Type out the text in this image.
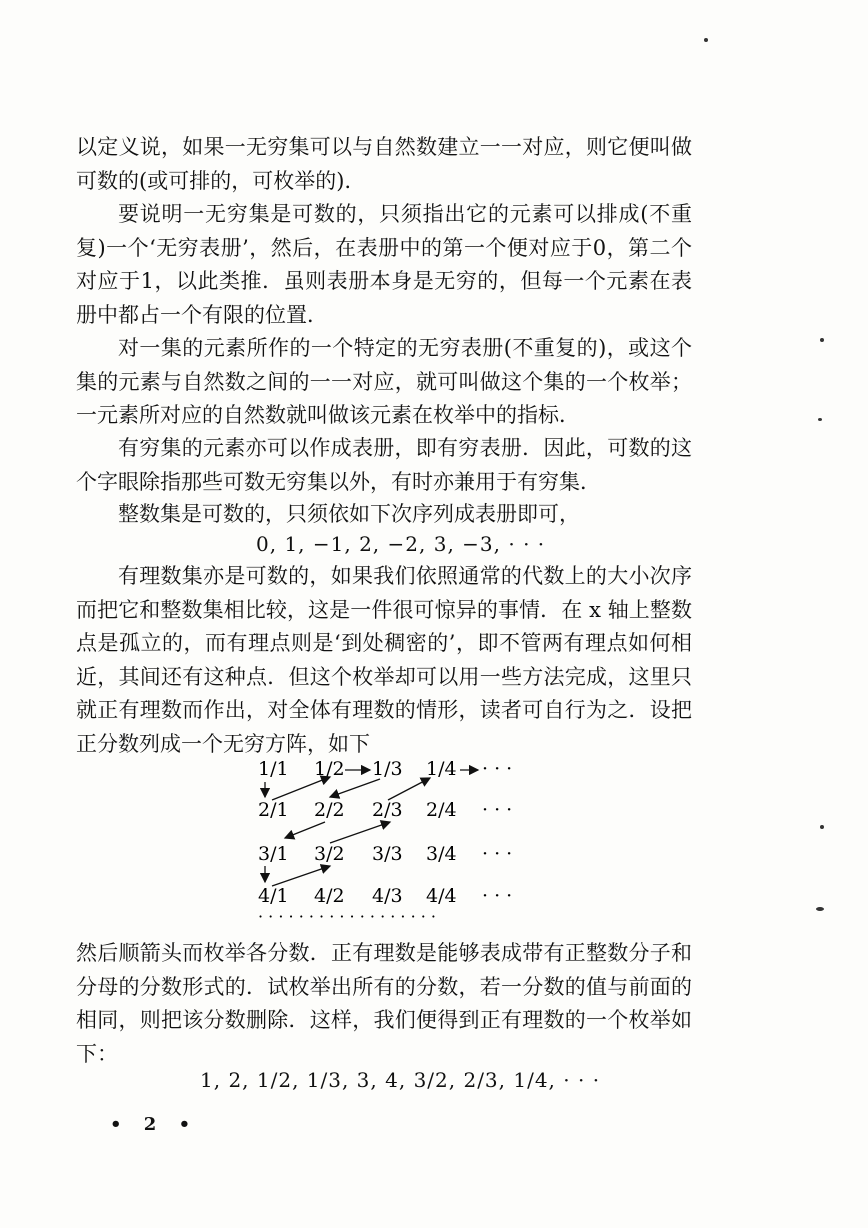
以定义说，如果一无穷集可以与自然数建立一一对应，则它便叫做可数的(或可排的，可枚举的).

要说明一无穷集是可数的，只须指出它的元素可以排成(不重复)一个‘无穷表册’，然后，在表册中的第一个便对应于0，第二个对应于1，以此类推．虽则表册本身是无穷的，但每一个元素在表册中都占一个有限的位置．

对一集的元素所作的一个特定的无穷表册(不重复的)，或这个集的元素与自然数之间的一一对应，就可叫做这个集的一个枚举；一元素所对应的自然数就叫做该元素在枚举中的指标．

有穷集的元素亦可以作成表册，即有穷表册．因此，可数的这个字眼除指那些可数无穷集以外，有时亦兼用于有穷集．

整数集是可数的，只须依如下次序列成表册即可，

0, 1, −1, 2, −2, 3, −3, · · ·

有理数集亦是可数的，如果我们依照通常的代数上的大小次序而把它和整数集相比较，这是一件很可惊异的事情．在 x 轴上整数点是孤立的，而有理点则是‘到处稠密的’，即不管两有理点如何相近，其间还有这种点．但这个枚举却可以用一些方法完成，这里只就正有理数而作出，对全体有理数的情形，读者可自行为之．设把正分数列成一个无穷方阵，如下

1/1 1/2 1/3 1/4 · · ·
2/1 2/2 2/3 2/4 · · ·
3/1 3/2 3/3 3/4 · · ·
4/1 4/2 4/3 4/4 · · ·
· · · · · · · · · · · · · · · · · ·

然后顺箭头而枚举各分数．正有理数是能够表成带有正整数分子和分母的分数形式的．试枚举出所有的分数，若一分数的值与前面的相同，则把该分数删除．这样，我们便得到正有理数的一个枚举如下：

1, 2, 1/2, 1/3, 3, 4, 3/2, 2/3, 1/4, · · ·
• 2 •
